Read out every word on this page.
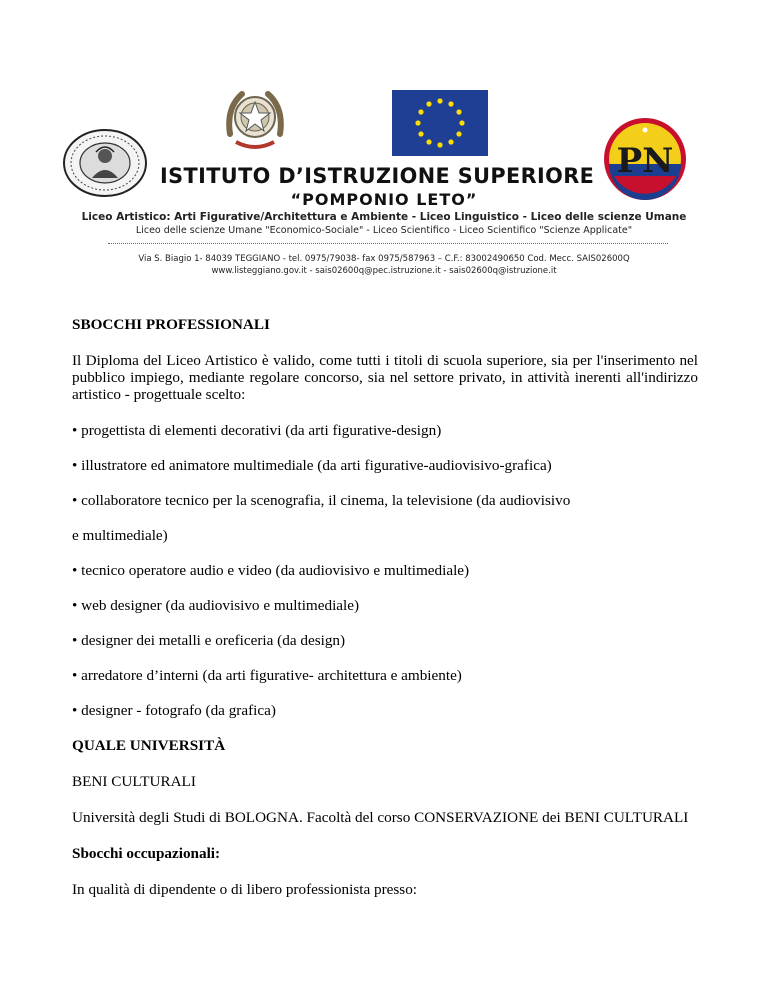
PN
ISTITUTO D’ISTRUZIONE SUPERIORE
“POMPONIO LETO”
Liceo Artistico: Arti Figurative/Architettura e Ambiente - Liceo Linguistico - Liceo delle scienze Umane
Liceo delle scienze Umane "Economico-Sociale" - Liceo Scientifico - Liceo Scientifico "Scienze Applicate"
Via S. Biagio 1- 84039 TEGGIANO - tel. 0975/79038- fax 0975/587963 – C.F.: 83002490650 Cod. Mecc. SAIS02600Q
www.listeggiano.gov.it - sais02600q@pec.istruzione.it - sais02600q@istruzione.it

SBOCCHI PROFESSIONALI

Il Diploma del Liceo Artistico è valido, come tutti i titoli di scuola superiore, sia per l'inserimento nel pubblico impiego, mediante regolare concorso, sia nel settore privato, in attività inerenti all'indirizzo artistico - progettuale scelto:

• progettista di elementi decorativi (da arti figurative-design)

• illustratore ed animatore multimediale (da arti figurative-audiovisivo-grafica)

• collaboratore tecnico per la scenografia, il cinema, la televisione (da audiovisivo

e multimediale)

• tecnico operatore audio e video (da audiovisivo e multimediale)

• web designer (da audiovisivo e multimediale)

• designer dei metalli e oreficeria (da design)

• arredatore d’interni (da arti figurative- architettura e ambiente)

• designer - fotografo (da grafica)

QUALE UNIVERSITÀ

BENI CULTURALI

Università degli Studi di BOLOGNA. Facoltà del corso CONSERVAZIONE dei BENI CULTURALI

Sbocchi occupazionali:

In qualità di dipendente o di libero professionista presso:
